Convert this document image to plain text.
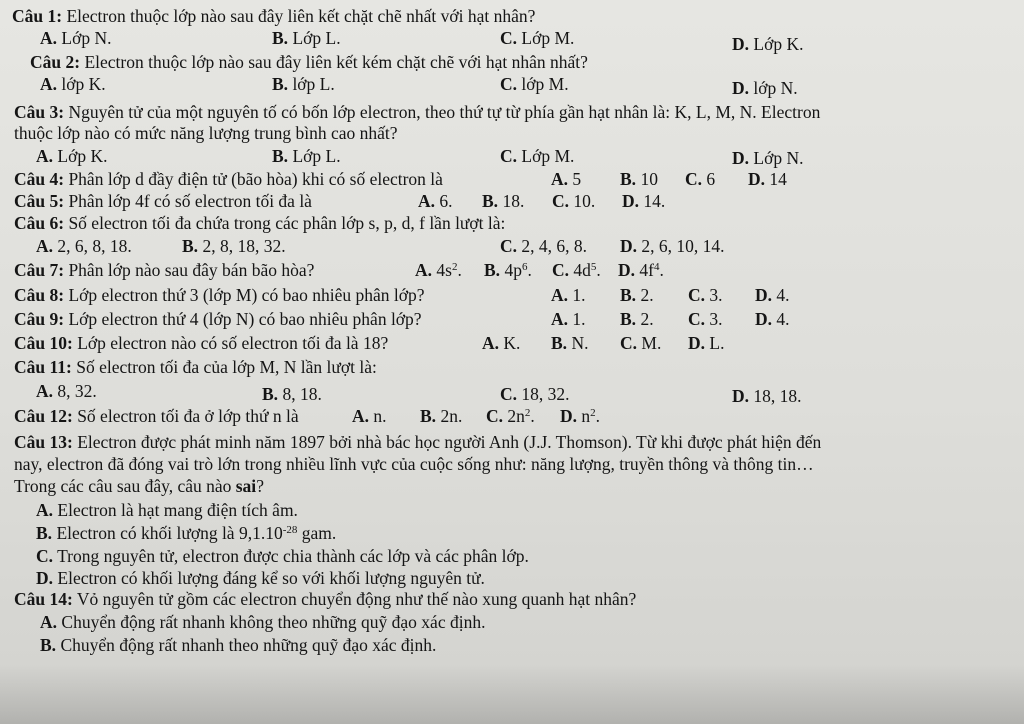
Câu 1: Electron thuộc lớp nào sau đây liên kết chặt chẽ nhất với hạt nhân?
A. Lớp N.	B. Lớp L.	C. Lớp M.	D. Lớp K.
Câu 2: Electron thuộc lớp nào sau đây liên kết kém chặt chẽ với hạt nhân nhất?
A. lớp K.	B. lớp L.	C. lớp M.	D. lớp N.
Câu 3: Nguyên tử của một nguyên tố có bốn lớp electron, theo thứ tự từ phía gần hạt nhân là: K, L, M, N. Electron
thuộc lớp nào có mức năng lượng trung bình cao nhất?
A. Lớp K.	B. Lớp L.	C. Lớp M.	D. Lớp N.
Câu 4: Phân lớp d đầy điện tử (bão hòa) khi có số electron là	A. 5 B. 10 C. 6 D. 14
Câu 5: Phân lớp 4f có số electron tối đa là	A. 6. B. 18. C. 10. D. 14.
Câu 6: Số electron tối đa chứa trong các phân lớp s, p, d, f lần lượt là:
A. 2, 6, 8, 18.	B. 2, 8, 18, 32.	C. 2, 4, 6, 8. D. 2, 6, 10, 14.
Câu 7: Phân lớp nào sau đây bán bão hòa?	A. $4s^2$. B. $4p^6$. C. $4d^5$. D. $4f^4$.
Câu 8: Lớp electron thứ 3 (lớp M) có bao nhiêu phân lớp?	A. 1. B. 2. C. 3. D. 4.
Câu 9: Lớp electron thứ 4 (lớp N) có bao nhiêu phân lớp?	A. 1. B. 2. C. 3. D. 4.
Câu 10: Lớp electron nào có số electron tối đa là 18?	A. K. B. N. C. M. D. L.
Câu 11: Số electron tối đa của lớp M, N lần lượt là:
A. 8, 32.	B. 8, 18.	C. 18, 32.	D. 18, 18.
Câu 12: Số electron tối đa ở lớp thứ n là	A. n. B. 2n. C. $2n^2$. D. $n^2$.
Câu 13: Electron được phát minh năm 1897 bởi nhà bác học người Anh (J.J. Thomson). Từ khi được phát hiện đến
nay, electron đã đóng vai trò lớn trong nhiều lĩnh vực của cuộc sống như: năng lượng, truyền thông và thông tin…
Trong các câu sau đây, câu nào sai?
A. Electron là hạt mang điện tích âm.
B. Electron có khối lượng là $9,1.10^{-28}$ gam.
C. Trong nguyên tử, electron được chia thành các lớp và các phân lớp.
D. Electron có khối lượng đáng kể so với khối lượng nguyên tử.
Câu 14: Vỏ nguyên tử gồm các electron chuyển động như thế nào xung quanh hạt nhân?
A. Chuyển động rất nhanh không theo những quỹ đạo xác định.
B. Chuyển động rất nhanh theo những quỹ đạo xác định.
